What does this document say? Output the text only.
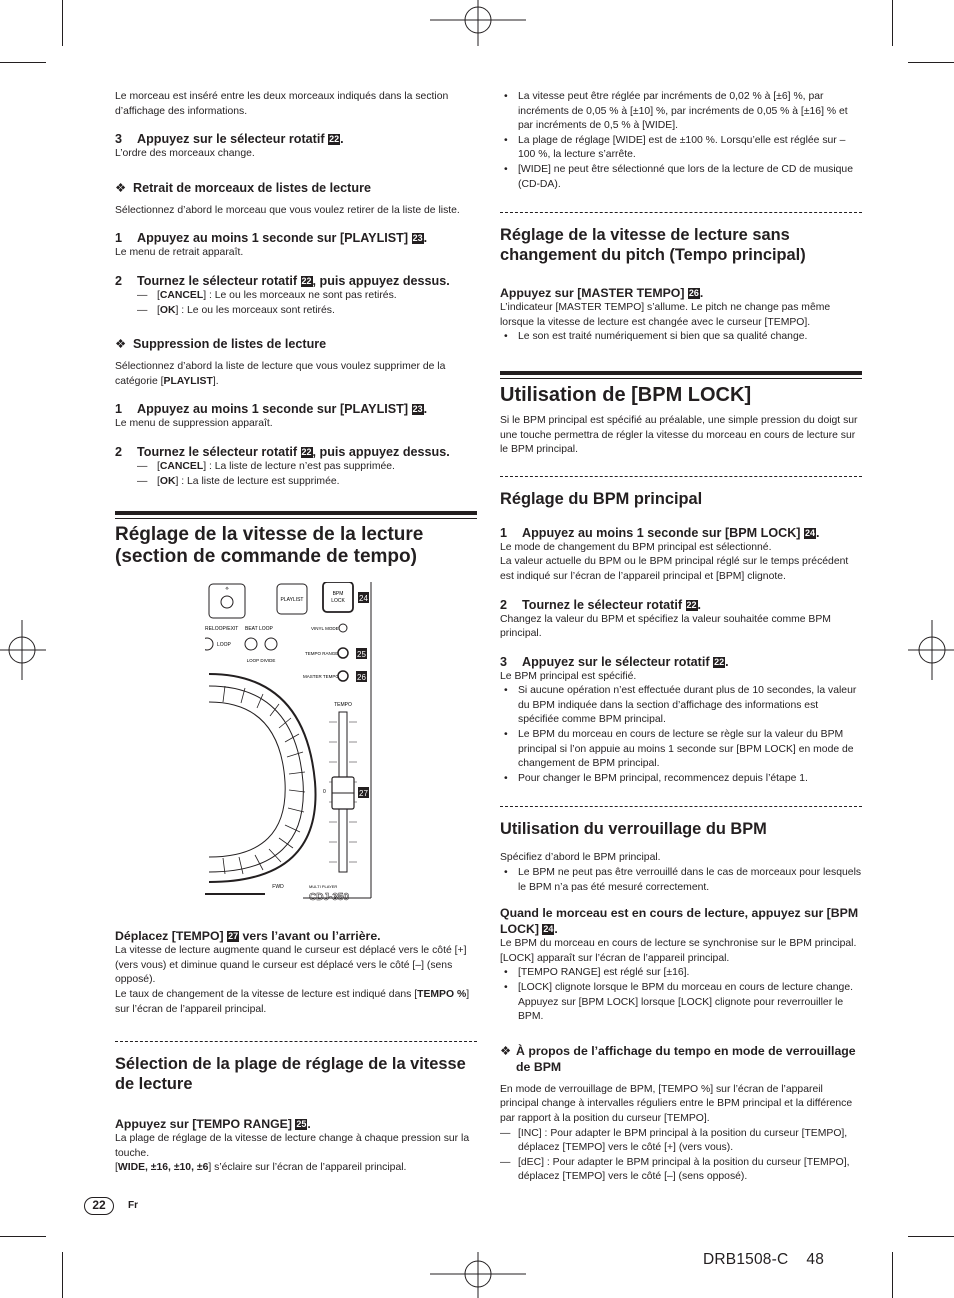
Le morceau est inséré entre les deux morceaux indiqués dans la section d’affichage des informations.

3 Appuyez sur le sélecteur rotatif 22.

L’ordre des morceaux change.

❖ Retrait de morceaux de listes de lecture

Sélectionnez d’abord le morceau que vous voulez retirer de la liste de liste.

1 Appuyez au moins 1 seconde sur [PLAYLIST] 23.

Le menu de retrait apparaît.

2 Tournez le sélecteur rotatif 22, puis appuyez dessus.
— [CANCEL] : Le ou les morceaux ne sont pas retirés.
— [OK] : Le ou les morceaux sont retirés.
❖ Suppression de listes de lecture

Sélectionnez d’abord la liste de lecture que vous voulez supprimer de la catégorie [PLAYLIST].

1 Appuyez au moins 1 seconde sur [PLAYLIST] 23.

Le menu de suppression apparaît.

2 Tournez le sélecteur rotatif 22, puis appuyez dessus.
— [CANCEL] : La liste de lecture n’est pas supprimée.
— [OK] : La liste de lecture est supprimée.
Réglage de la vitesse de la lecture (section de commande de tempo)
⟡
PLAYLIST
BPM
LOCK 24
RELOOP/EXIT BEAT LOOP
LOOP
LOOP DIVIDE
VINYL MODE
TEMPO RANGE 25
MASTER TEMPO 26
TEMPO
0	27
FWD	MULTI PLAYER
CDJ-350
Déplacez [TEMPO] 27 vers l’avant ou l’arrière.

La vitesse de lecture augmente quand le curseur est déplacé vers le côté [+] (vers vous) et diminue quand le curseur est déplacé vers le côté [–] (sens opposé).

Le taux de changement de la vitesse de lecture est indiqué dans [TEMPO %] sur l’écran de l’appareil principal.

Sélection de la plage de réglage de la vitesse de lecture
Appuyez sur [TEMPO RANGE] 25.

La plage de réglage de la vitesse de lecture change à chaque pression sur la touche.

[WIDE, ±16, ±10, ±6] s’éclaire sur l’écran de l’appareil principal.

• La vitesse peut être réglée par incréments de 0,02 % à [±6] %, par incréments de 0,05 % à [±10] %, par incréments de 0,05 % à [±16] % et par incréments de 0,5 % à [WIDE].
• La plage de réglage [WIDE] est de ±100 %. Lorsqu’elle est réglée sur –100 %, la lecture s’arrête.
• [WIDE] ne peut être sélectionné que lors de la lecture de CD de musique (CD-DA).
Réglage de la vitesse de lecture sans changement du pitch (Tempo principal)
Appuyez sur [MASTER TEMPO] 26.

L’indicateur [MASTER TEMPO] s’allume. Le pitch ne change pas même lorsque la vitesse de lecture est changée avec le curseur [TEMPO].

• Le son est traité numériquement si bien que sa qualité change.
Utilisation de [BPM LOCK]

Si le BPM principal est spécifié au préalable, une simple pression du doigt sur une touche permettra de régler la vitesse du morceau en cours de lecture sur le BPM principal.

Réglage du BPM principal
1 Appuyez au moins 1 seconde sur [BPM LOCK] 24.

Le mode de changement du BPM principal est sélectionné.

La valeur actuelle du BPM ou le BPM principal réglé sur le temps précédent est indiqué sur l’écran de l’appareil principal et [BPM] clignote.

2 Tournez le sélecteur rotatif 22.

Changez la valeur du BPM et spécifiez la valeur souhaitée comme BPM principal.

3 Appuyez sur le sélecteur rotatif 22.

Le BPM principal est spécifié.

• Si aucune opération n’est effectuée durant plus de 10 secondes, la valeur du BPM indiquée dans la section d’affichage des informations est spécifiée comme BPM principal.
• Le BPM du morceau en cours de lecture se règle sur la valeur du BPM principal si l’on appuie au moins 1 seconde sur [BPM LOCK] en mode de changement de BPM principal.
• Pour changer le BPM principal, recommencez depuis l’étape 1.
Utilisation du verrouillage du BPM

Spécifiez d’abord le BPM principal.

• Le BPM ne peut pas être verrouillé dans le cas de morceaux pour lesquels le BPM n’a pas été mesuré correctement.
Quand le morceau est en cours de lecture, appuyez sur [BPM LOCK] 24.

Le BPM du morceau en cours de lecture se synchronise sur le BPM principal.

[LOCK] apparaît sur l’écran de l’appareil principal.

• [TEMPO RANGE] est réglé sur [±16].
• [LOCK] clignote lorsque le BPM du morceau en cours de lecture change. Appuyez sur [BPM LOCK] lorsque [LOCK] clignote pour reverrouiller le BPM.
❖ À propos de l’affichage du tempo en mode de verrouillage de BPM

En mode de verrouillage de BPM, [TEMPO %] sur l’écran de l’appareil principal change à intervalles réguliers entre le BPM principal et la différence par rapport à la position du curseur [TEMPO].

— [INC] : Pour adapter le BPM principal à la position du curseur [TEMPO], déplacez [TEMPO] vers le côté [+] (vers vous).
— [dEC] : Pour adapter le BPM principal à la position du curseur [TEMPO], déplacez [TEMPO] vers le côté [–] (sens opposé).
22	Fr
DRB1508-C    48
